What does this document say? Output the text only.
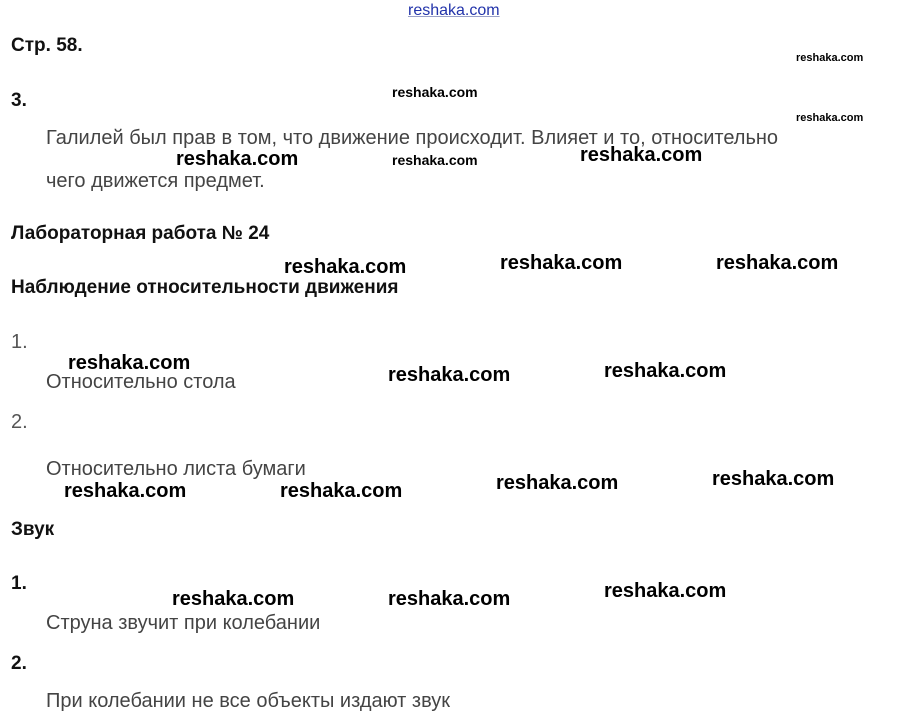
reshaka.com
Стр. 58.
3.
Галилей был прав в том, что движение происходит. Влияет и то, относительно
чего движется предмет.
Лабораторная работа № 24
Наблюдение относительности движения
1.
Относительно стола
2.
Относительно листа бумаги
Звук
1.
Струна звучит при колебании
2.
При колебании не все объекты издают звук
reshaka.com
reshaka.com
reshaka.com
reshaka.com	reshaka.com	reshaka.com
reshaka.com	reshaka.com	reshaka.com
reshaka.com
reshaka.com	reshaka.com
reshaka.com	reshaka.com	reshaka.com	reshaka.com
reshaka.com	reshaka.com	reshaka.com
